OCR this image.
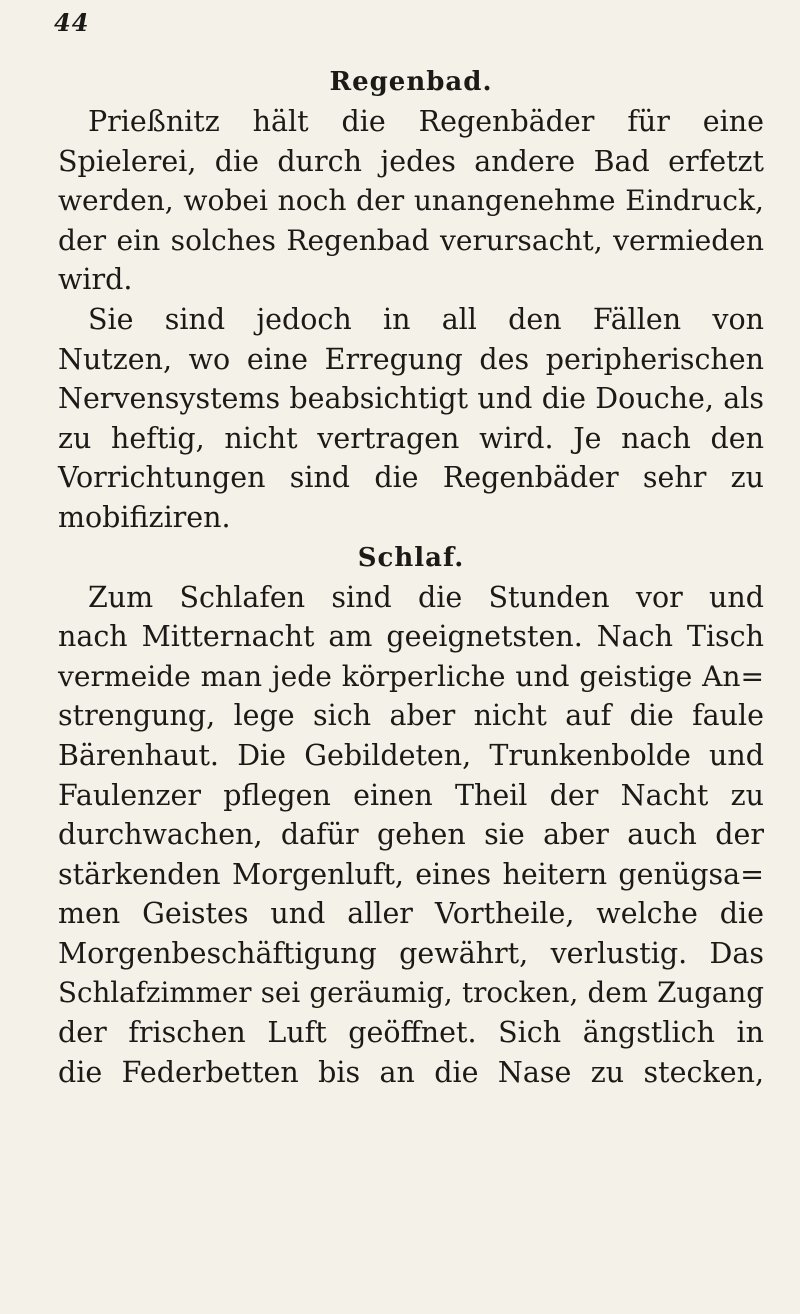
44
Regenbad.

Prießnitz hält die Regenbäder für eine
Spielerei, die durch jedes andere Bad erfetzt
werden, wobei noch der unangenehme Eindruck,
der ein solches Regenbad verursacht, vermieden
wird.

Sie sind jedoch in all den Fällen von
Nutzen, wo eine Erregung des peripherischen
Nervensystems beabsichtigt und die Douche, als
zu heftig, nicht vertragen wird. Je nach den
Vorrichtungen sind die Regenbäder sehr zu
mobifiziren.

Schlaf.

Zum Schlafen sind die Stunden vor und
nach Mitternacht am geeignetsten. Nach Tisch
vermeide man jede körperliche und geistige An=
strengung, lege sich aber nicht auf die faule
Bärenhaut. Die Gebildeten, Trunkenbolde und
Faulenzer pflegen einen Theil der Nacht zu
durchwachen, dafür gehen sie aber auch der
stärkenden Morgenluft, eines heitern genügsa=
men Geistes und aller Vortheile, welche die
Morgenbeschäftigung gewährt, verlustig. Das
Schlafzimmer sei geräumig, trocken, dem Zugang
der frischen Luft geöffnet. Sich ängstlich in
die Federbetten bis an die Nase zu stecken,
